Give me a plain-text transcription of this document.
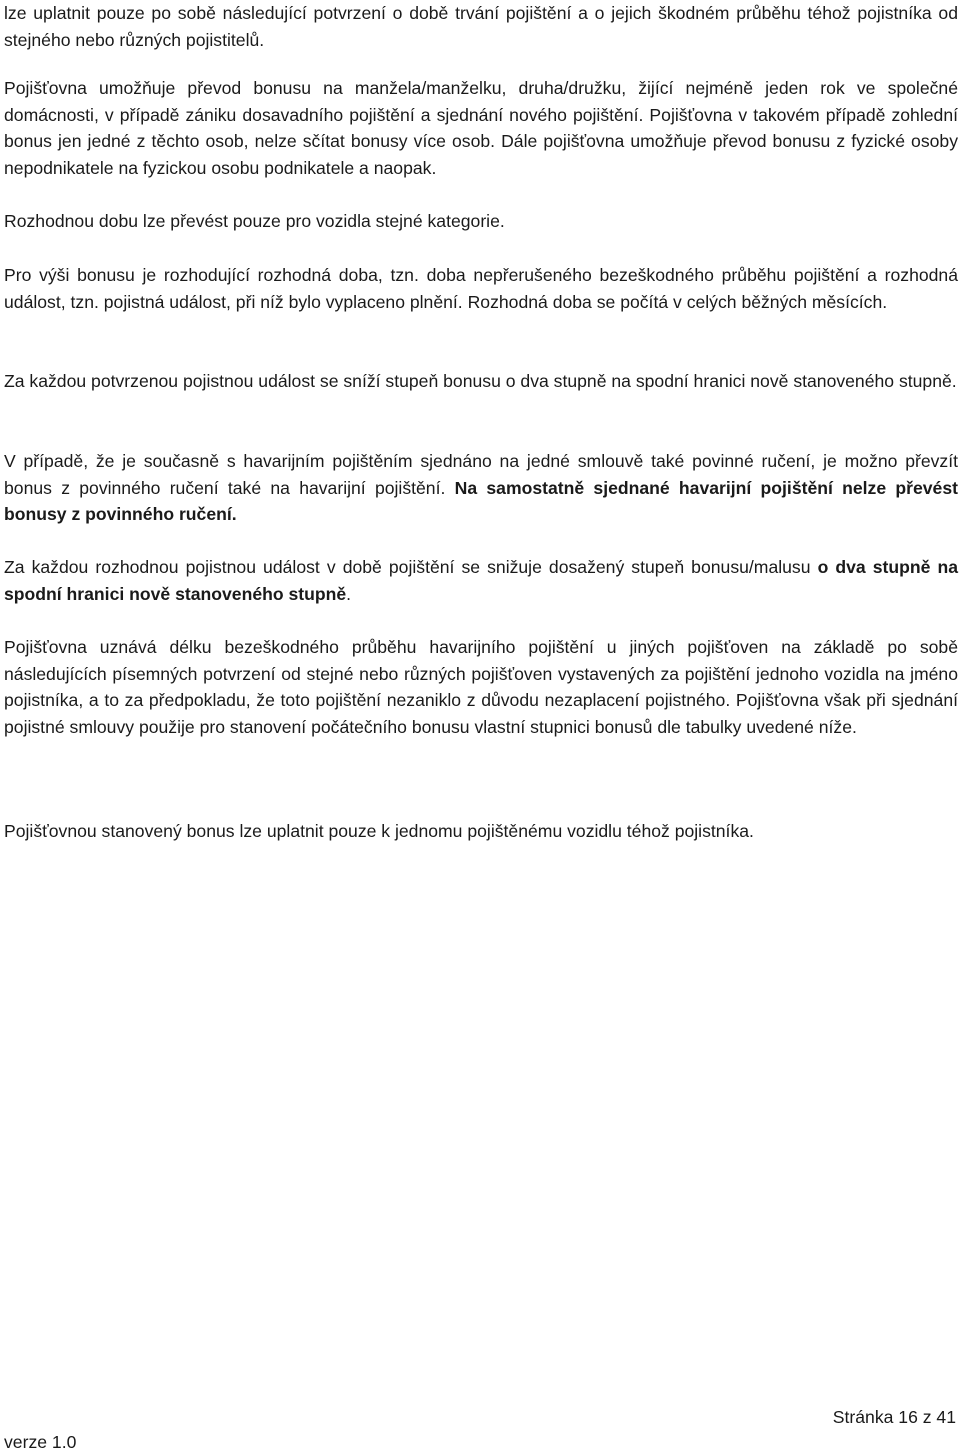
lze uplatnit pouze po sobě následující potvrzení o době trvání pojištění a o jejich škodném průběhu téhož pojistníka od stejného nebo různých pojistitelů.

Pojišťovna umožňuje převod bonusu na manžela/manželku, druha/družku, žijící nejméně jeden rok ve společné domácnosti, v případě zániku dosavadního pojištění a sjednání nového pojištění. Pojišťovna v takovém případě zohlední bonus jen jedné z těchto osob, nelze sčítat bonusy více osob. Dále pojišťovna umožňuje převod bonusu z fyzické osoby nepodnikatele na fyzickou osobu podnikatele a naopak.

Rozhodnou dobu lze převést pouze pro vozidla stejné kategorie.

Pro výši bonusu je rozhodující rozhodná doba, tzn. doba nepřerušeného bezeškodného průběhu pojištění a rozhodná událost, tzn. pojistná událost, při níž bylo vyplaceno plnění. Rozhodná doba se počítá v celých běžných měsících.

Za každou potvrzenou pojistnou událost se sníží stupeň bonusu o dva stupně na spodní hranici nově stanoveného stupně.

V případě, že je současně s havarijním pojištěním sjednáno na jedné smlouvě také povinné ručení, je možno převzít bonus z povinného ručení také na havarijní pojištění. Na samostatně sjednané havarijní pojištění nelze převést bonusy z povinného ručení.

Za každou rozhodnou pojistnou událost v době pojištění se snižuje dosažený stupeň bonusu/malusu o dva stupně na spodní hranici nově stanoveného stupně.

Pojišťovna uznává délku bezeškodného průběhu havarijního pojištění u jiných pojišťoven na základě po sobě následujících písemných potvrzení od stejné nebo různých pojišťoven vystavených za pojištění jednoho vozidla na jméno pojistníka, a to za předpokladu, že toto pojištění nezaniklo z důvodu nezaplacení pojistného. Pojišťovna však při sjednání pojistné smlouvy použije pro stanovení počátečního bonusu vlastní stupnici bonusů dle tabulky uvedené níže.

Pojišťovnou stanovený bonus lze uplatnit pouze k jednomu pojištěnému vozidlu téhož pojistníka.

Stránka 16 z 41
verze 1.0
